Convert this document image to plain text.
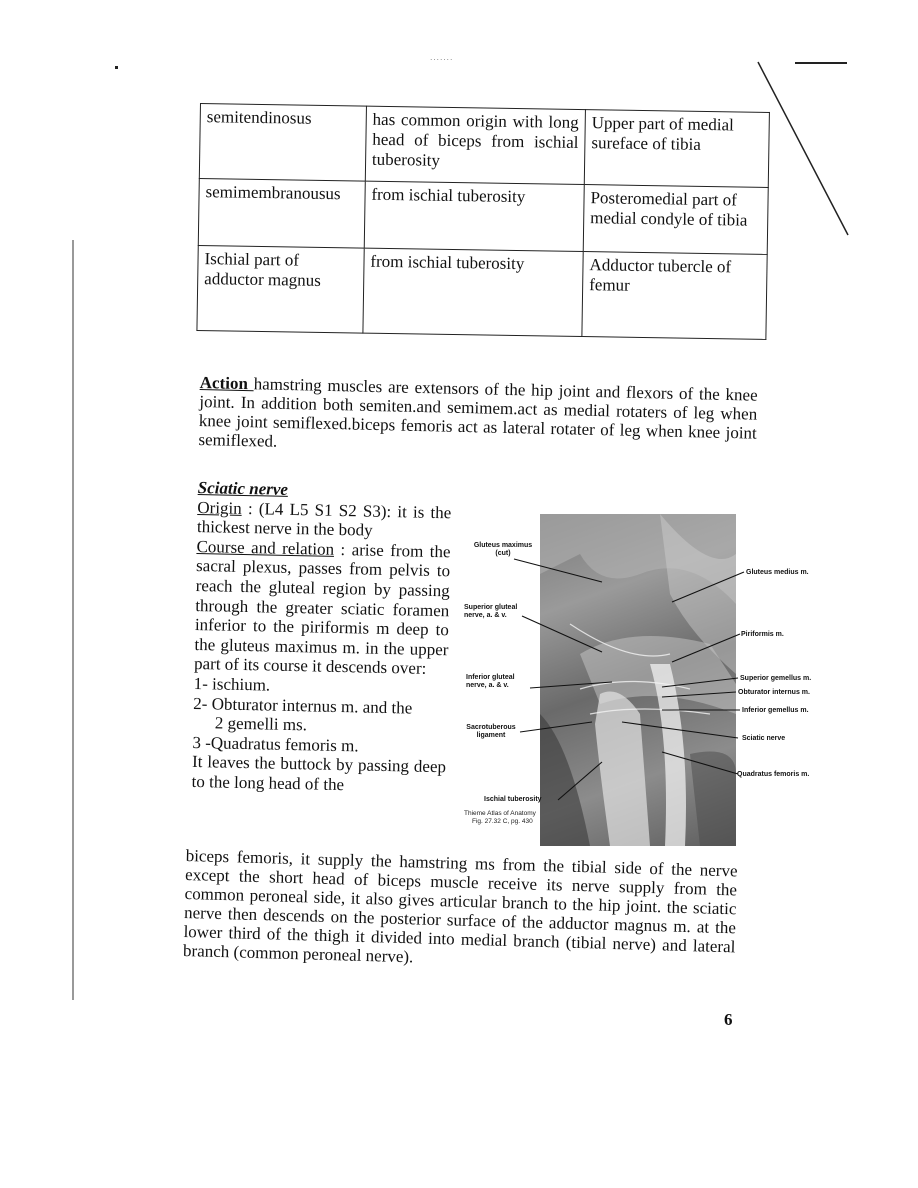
·······
semitendinosus	has common origin with long head of biceps from ischial tuberosity	Upper part of medial sureface of tibia
semimembranousus	from ischial tuberosity	Posteromedial part of medial condyle of tibia
Ischial part of adductor magnus	from ischial tuberosity	Adductor tubercle of femur
Action hamstring muscles are extensors of the hip joint and flexors of the knee joint. In addition both semiten.and semimem.act as medial rotaters of leg when knee joint semiflexed.biceps femoris act as lateral rotater of leg when knee joint semiflexed.

Sciatic nerve

Origin : (L4 L5 S1 S2 S3): it is the thickest nerve in the body

Course and relation : arise from the sacral plexus, passes from pelvis to reach the gluteal region by passing through the greater sciatic foramen inferior to the piriformis m deep to the gluteus maximus m. in the upper part of its course it descends over:

1- ischium.

2- Obturator internus m. and the

2 gemelli ms.

3 -Quadratus femoris m.

It leaves the buttock by passing deep to the long head of the

Gluteus maximus (cut)
Superior gluteal nerve, a. & v.
Inferior gluteal nerve, a. & v.
Sacrotuberous ligament
Ischial tuberosity
Gluteus medius m.
Piriformis m.
Superior gemellus m.
Obturator internus m.
Inferior gemellus m.
Sciatic nerve
Quadratus femoris m.
Thieme Atlas of Anatomy
Fig. 27.32 C, pg. 430
biceps femoris, it supply the hamstring ms from the tibial side of the nerve except the short head of biceps muscle receive its nerve supply from the common peroneal side, it also gives articular branch to the hip joint. the sciatic nerve then descends on the posterior surface of the adductor magnus m. at the lower third of the thigh it divided into medial branch (tibial nerve) and lateral branch (common peroneal nerve).
6
